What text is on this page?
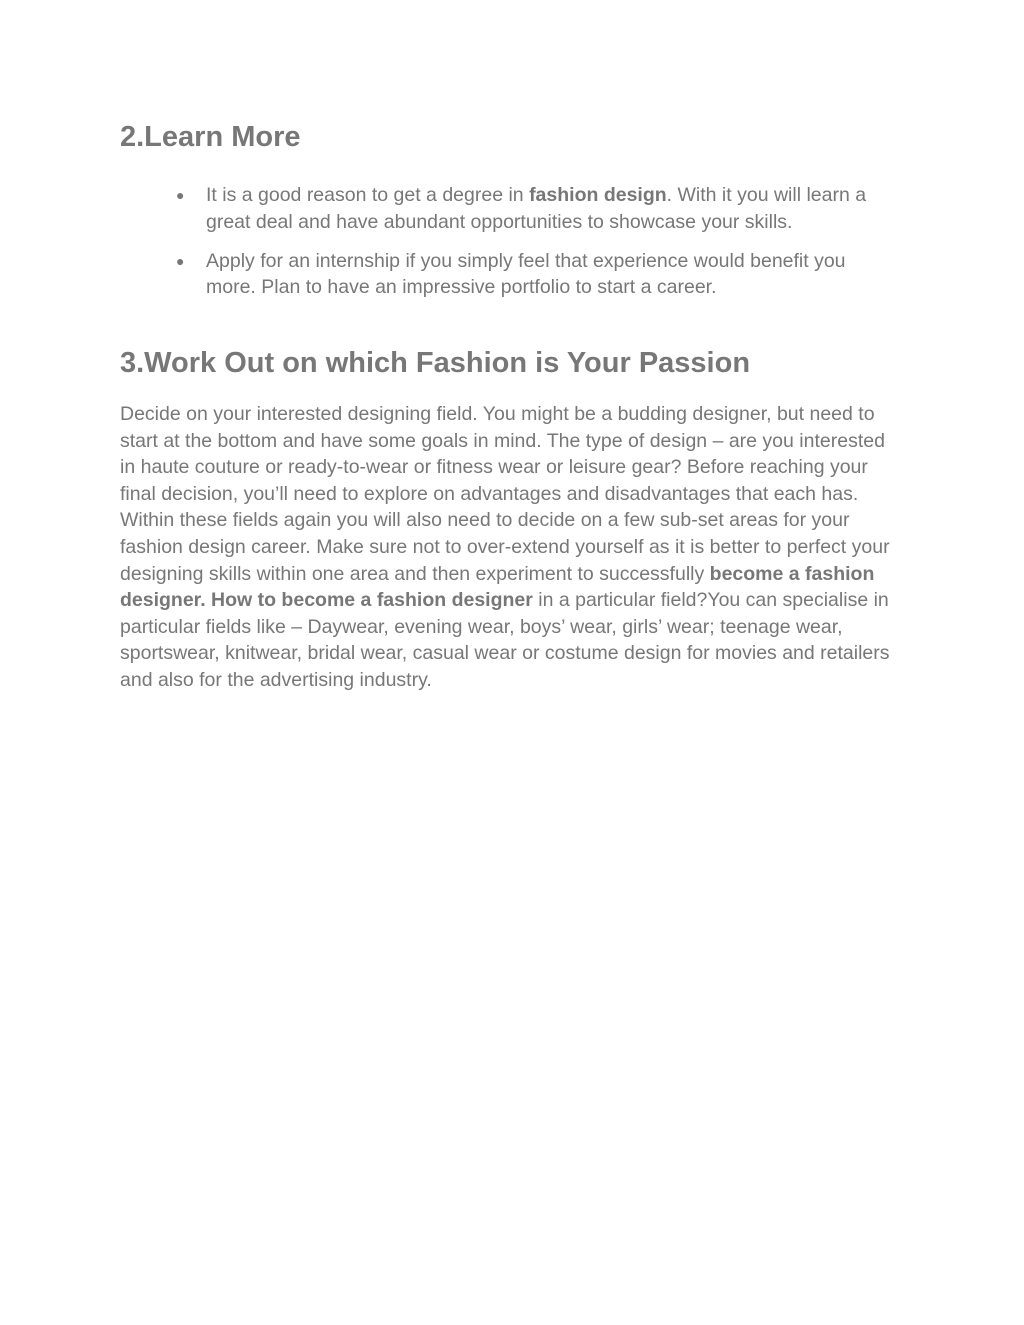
2.Learn More
● It is a good reason to get a degree in fashion design. With it you will learn a great deal and have abundant opportunities to showcase your skills.
● Apply for an internship if you simply feel that experience would benefit you more. Plan to have an impressive portfolio to start a career.
3.Work Out on which Fashion is Your Passion

Decide on your interested designing field. You might be a budding designer, but need to start at the bottom and have some goals in mind. The type of design – are you interested in haute couture or ready-to-wear or fitness wear or leisure gear? Before reaching your final decision, you’ll need to explore on advantages and disadvantages that each has. Within these fields again you will also need to decide on a few sub-set areas for your fashion design career. Make sure not to over-extend yourself as it is better to perfect your designing skills within one area and then experiment to successfully become a fashion designer. How to become a fashion designer in a particular field?You can specialise in particular fields like – Daywear, evening wear, boys’ wear, girls’ wear; teenage wear, sportswear, knitwear, bridal wear, casual wear or costume design for movies and retailers and also for the advertising industry.
